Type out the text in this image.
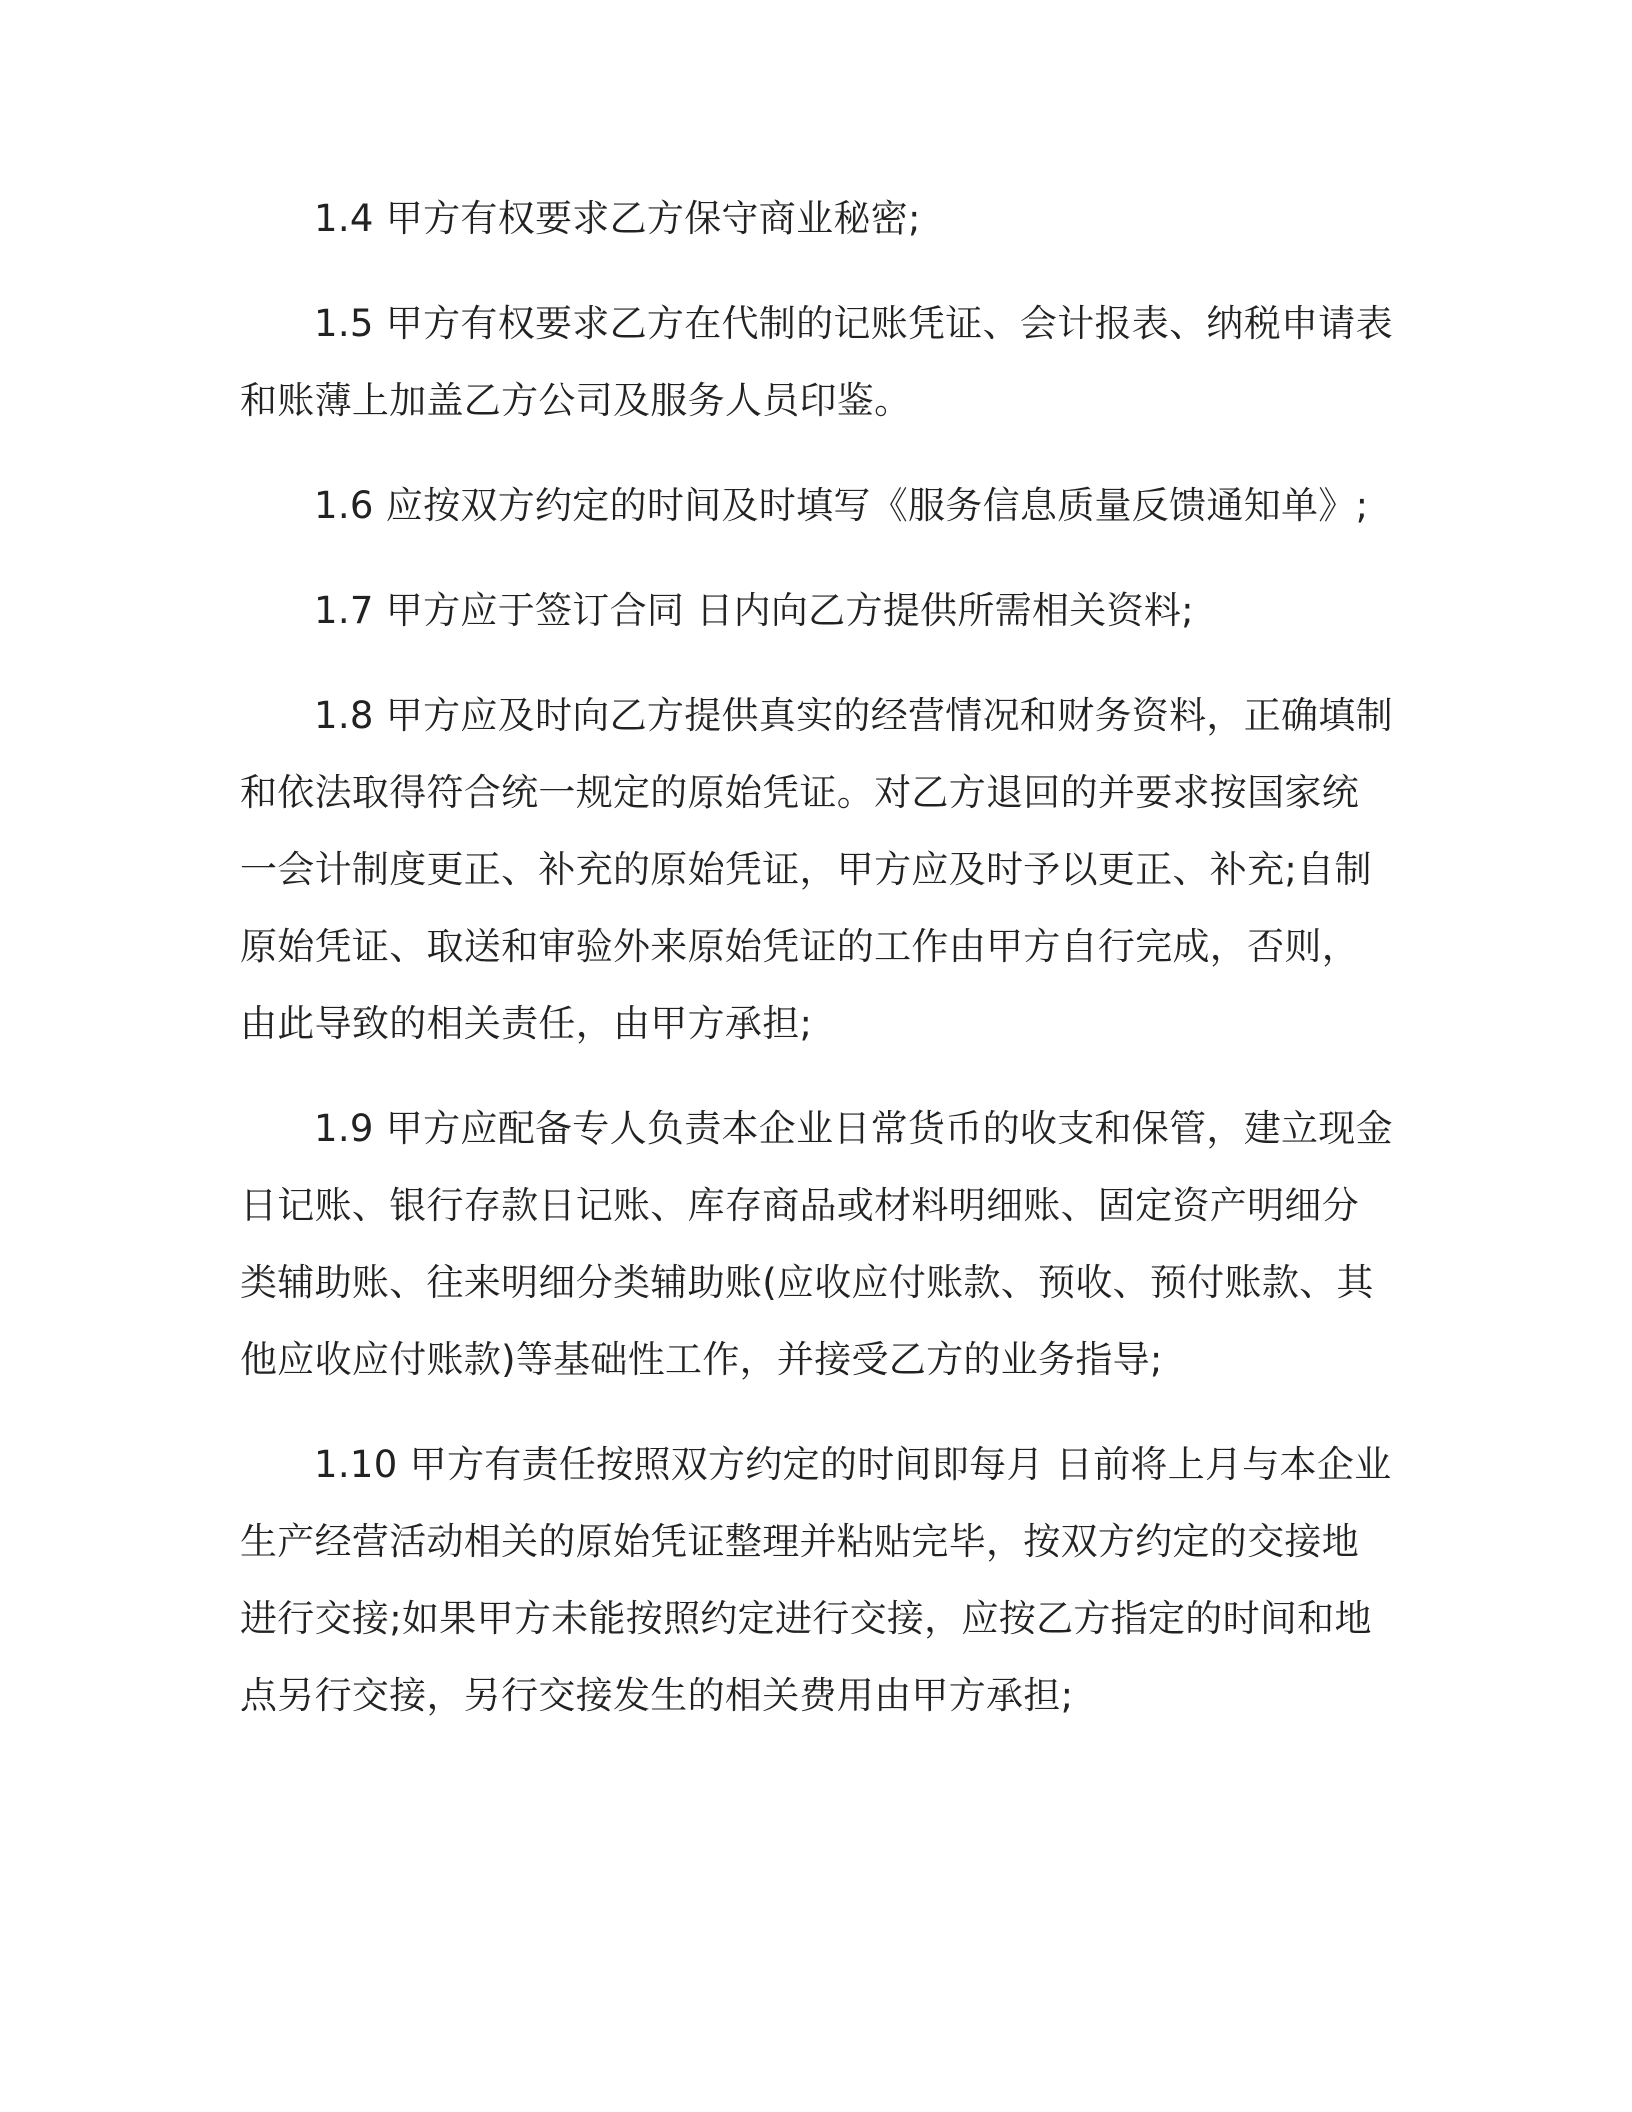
1.4 甲方有权要求乙方保守商业秘密;

1.5 甲方有权要求乙方在代制的记账凭证、会计报表、纳税申请表
和账薄上加盖乙方公司及服务人员印鉴。

1.6 应按双方约定的时间及时填写《服务信息质量反馈通知单》;

1.7 甲方应于签订合同 日内向乙方提供所需相关资料;

1.8 甲方应及时向乙方提供真实的经营情况和财务资料，正确填制
和依法取得符合统一规定的原始凭证。对乙方退回的并要求按国家统
一会计制度更正、补充的原始凭证，甲方应及时予以更正、补充;自制
原始凭证、取送和审验外来原始凭证的工作由甲方自行完成，否则，
由此导致的相关责任，由甲方承担;

1.9 甲方应配备专人负责本企业日常货币的收支和保管，建立现金
日记账、银行存款日记账、库存商品或材料明细账、固定资产明细分
类辅助账、往来明细分类辅助账(应收应付账款、预收、预付账款、其
他应收应付账款)等基础性工作，并接受乙方的业务指导;

1.10 甲方有责任按照双方约定的时间即每月 日前将上月与本企业
生产经营活动相关的原始凭证整理并粘贴完毕，按双方约定的交接地
进行交接;如果甲方未能按照约定进行交接，应按乙方指定的时间和地
点另行交接，另行交接发生的相关费用由甲方承担;
